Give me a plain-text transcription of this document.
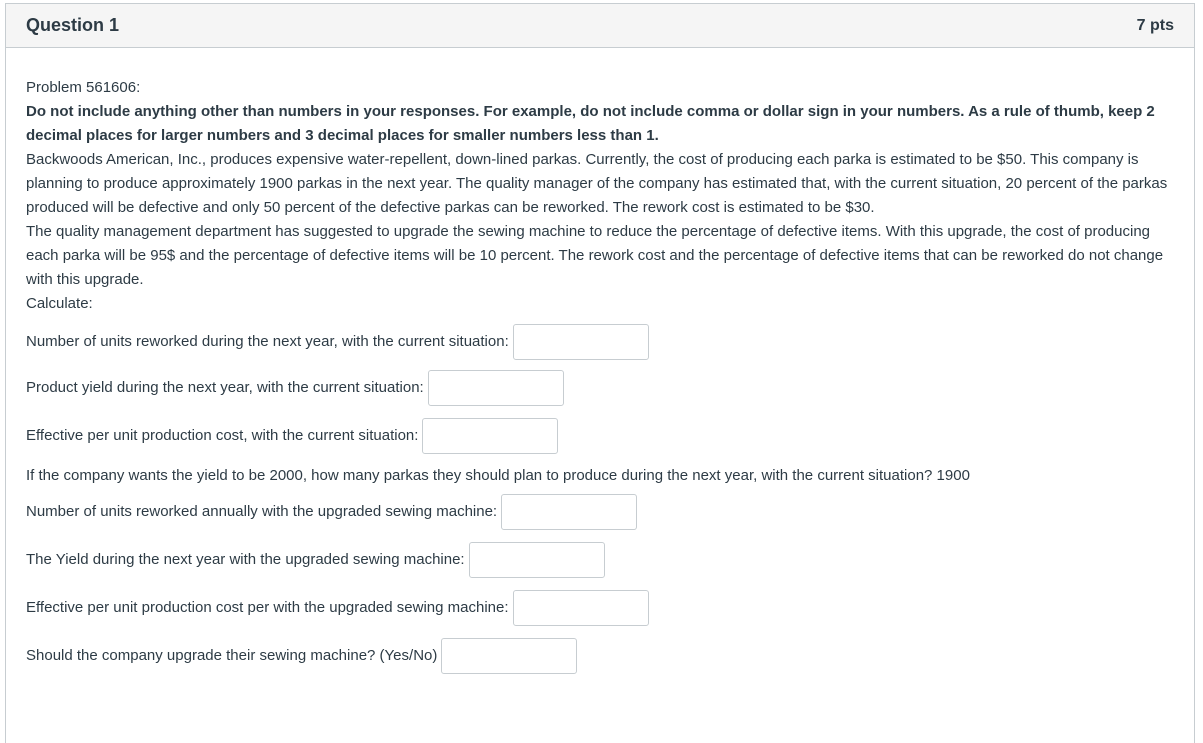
Question 1	7 pts

Problem 561606:

Do not include anything other than numbers in your responses. For example, do not include comma or dollar sign in your numbers. As a rule of thumb, keep 2 decimal places for larger numbers and 3 decimal places for smaller numbers less than 1.

Backwoods American, Inc., produces expensive water-repellent, down-lined parkas. Currently, the cost of producing each parka is estimated to be $50. This company is planning to produce approximately 1900 parkas in the next year. The quality manager of the company has estimated that, with the current situation, 20 percent of the parkas produced will be defective and only 50 percent of the defective parkas can be reworked. The rework cost is estimated to be $30.

The quality management department has suggested to upgrade the sewing machine to reduce the percentage of defective items. With this upgrade, the cost of producing each parka will be 95$ and the percentage of defective items will be 10 percent. The rework cost and the percentage of defective items that can be reworked do not change with this upgrade.

Calculate:

Number of units reworked during the next year, with the current situation:
Product yield during the next year, with the current situation:
Effective per unit production cost, with the current situation:
If the company wants the yield to be 2000, how many parkas they should plan to produce during the next year, with the current situation? 1900
Number of units reworked annually with the upgraded sewing machine:
The Yield during the next year with the upgraded sewing machine:
Effective per unit production cost per with the upgraded sewing machine:
Should the company upgrade their sewing machine? (Yes/No)
